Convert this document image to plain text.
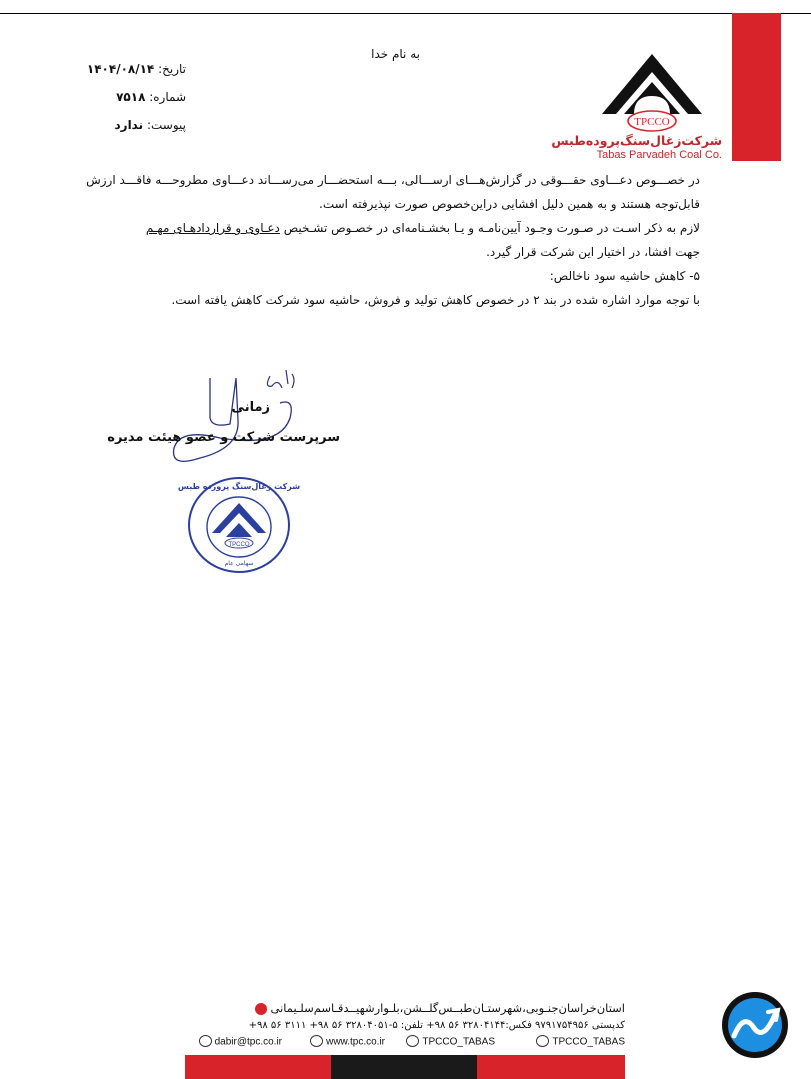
TPCCO
شرکت‌زغال‌سنگ‌پروده‌طبس
Tabas Parvadeh Coal Co.
به نام خدا
تاریخ: ۱۴۰۴/۰۸/۱۴
شماره: ۷۵۱۸
پیوست: ندارد
در خصـــوص دعـــاوی حقـــوقی در گزارش‌هـــای ارســـالی، بـــه استحضـــار می‌رســـاند دعـــاوی مطروحـــه فاقـــد ارزش
قابل‌توجه هستند و به همین دلیل افشایی دراین‌خصوص صورت نپذیرفته است.
لازم به ذکر اسـت در صـورت وجـود آیین‌نامـه و یـا بخشـنامه‌ای در خصـوص تشـخیص دعـاوی و قراردادهـای مهـم
جهت افشا، در اختیار این شرکت قرار گیرد.
۵- کاهش حاشیه سود ناخالص:
با توجه موارد اشاره شده در بند ۲ در خصوص کاهش تولید و فروش، حاشیه سود شرکت کاهش یافته است.
زمانی
سرپرست شرکت و عضو هیئت مدیره
TPCCO
شرکت زغال‌سنگ پرورده طبس
سهامی عام
استان‌خراسان‌جنـوبی،شهرستـان‌طبــس‌گلــشن،بلـوارشهیــدقـاسم‌سلـیمانی
کدپستی ۹۷۹۱۷۵۴۹۵۶ فکس:۳۲۸۰۴۱۴۴ ۵۶ ۹۸+ تلفن: ۵-۳۲۸۰۴۰۵۱ ۵۶ ۹۸+ ۳۱۱۱ ۵۶ ۹۸+
TPCCO_TABAS
TPCCO_TABAS
www.tpc.co.ir
dabir@tpc.co.ir
